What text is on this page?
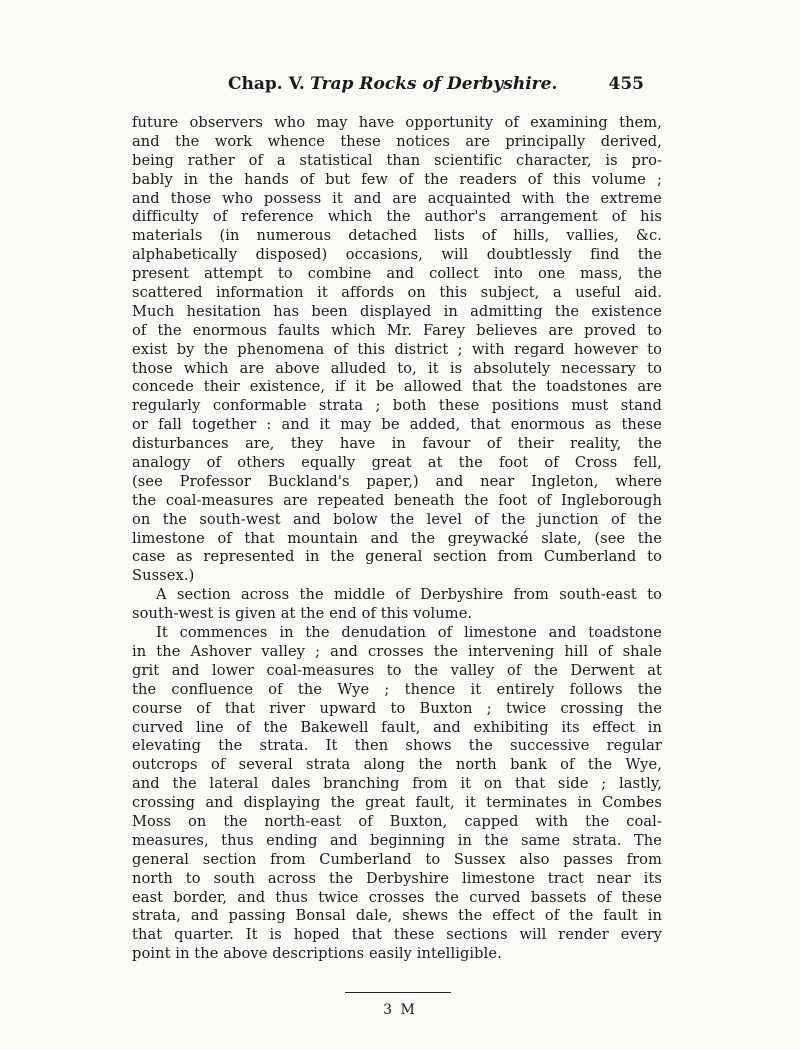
Chap. V. Trap Rocks of Derbyshire.	455
future observers who may have opportunity of examining them,
and the work whence these notices are principally derived,
being rather of a statistical than scientific character, is pro-
bably in the hands of but few of the readers of this volume ;
and those who possess it and are acquainted with the extreme
difficulty of reference which the author's arrangement of his
materials (in numerous detached lists of hills, vallies, &c.
alphabetically disposed) occasions, will doubtlessly find the
present attempt to combine and collect into one mass, the
scattered information it affords on this subject, a useful aid.
Much hesitation has been displayed in admitting the existence
of the enormous faults which Mr. Farey believes are proved to
exist by the phenomena of this district ; with regard however to
those which are above alluded to, it is absolutely necessary to
concede their existence, if it be allowed that the toadstones are
regularly conformable strata ; both these positions must stand
or fall together : and it may be added, that enormous as these
disturbances are, they have in favour of their reality, the
analogy of others equally great at the foot of Cross fell,
(see Professor Buckland's paper,) and near Ingleton, where
the coal-measures are repeated beneath the foot of Ingleborough
on the south-west and bolow the level of the junction of the
limestone of that mountain and the greywacké slate, (see the
case as represented in the general section from Cumberland to
Sussex.)
A section across the middle of Derbyshire from south-east to
south-west is given at the end of this volume.
It commences in the denudation of limestone and toadstone
in the Ashover valley ; and crosses the intervening hill of shale
grit and lower coal-measures to the valley of the Derwent at
the confluence of the Wye ; thence it entirely follows the
course of that river upward to Buxton ; twice crossing the
curved line of the Bakewell fault, and exhibiting its effect in
elevating the strata. It then shows the successive regular
outcrops of several strata along the north bank of the Wye,
and the lateral dales branching from it on that side ; lastly,
crossing and displaying the great fault, it terminates in Combes
Moss on the north-east of Buxton, capped with the coal-
measures, thus ending and beginning in the same strata. The
general section from Cumberland to Sussex also passes from
north to south across the Derbyshire limestone tract near its
east border, and thus twice crosses the curved bassets of these
strata, and passing Bonsal dale, shews the effect of the fault in
that quarter. It is hoped that these sections will render every
point in the above descriptions easily intelligible.
3 M
